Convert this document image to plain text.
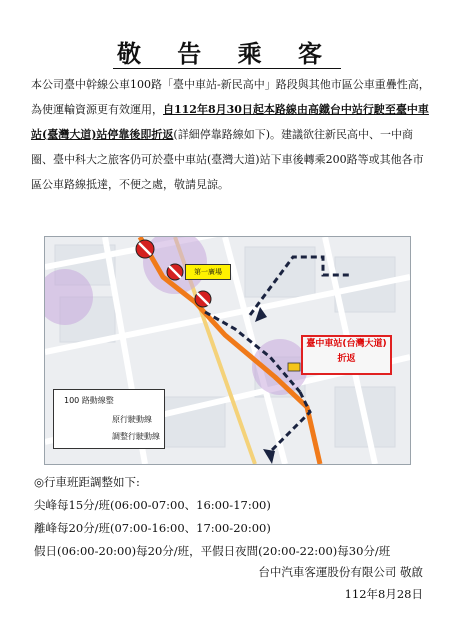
敬 告 乘 客
本公司臺中幹線公車100路「臺中車站-新民高中」路段與其他市區公車重疊性高，為使運輸資源更有效運用，自112年8月30日起本路線由高鐵台中站行駛至臺中車站(臺灣大道)站停靠後即折返(詳細停靠路線如下)。建議欲往新民高中、一中商圈、臺中科大之旅客仍可於臺中車站(臺灣大道)站下車後轉乘200路等或其他各市區公車路線抵達，不便之處，敬請見諒。
第一廣場
臺中車站(台灣大道)
折返
100 路動線整
原行駛動線
調整行駛動線
◎行車班距調整如下:
尖峰每15分/班(06:00-07:00、16:00-17:00)
離峰每20分/班(07:00-16:00、17:00-20:00)
假日(06:00-20:00)每20分/班，平假日夜間(20:00-22:00)每30分/班
台中汽車客運股份有限公司 敬啟
112年8月28日
